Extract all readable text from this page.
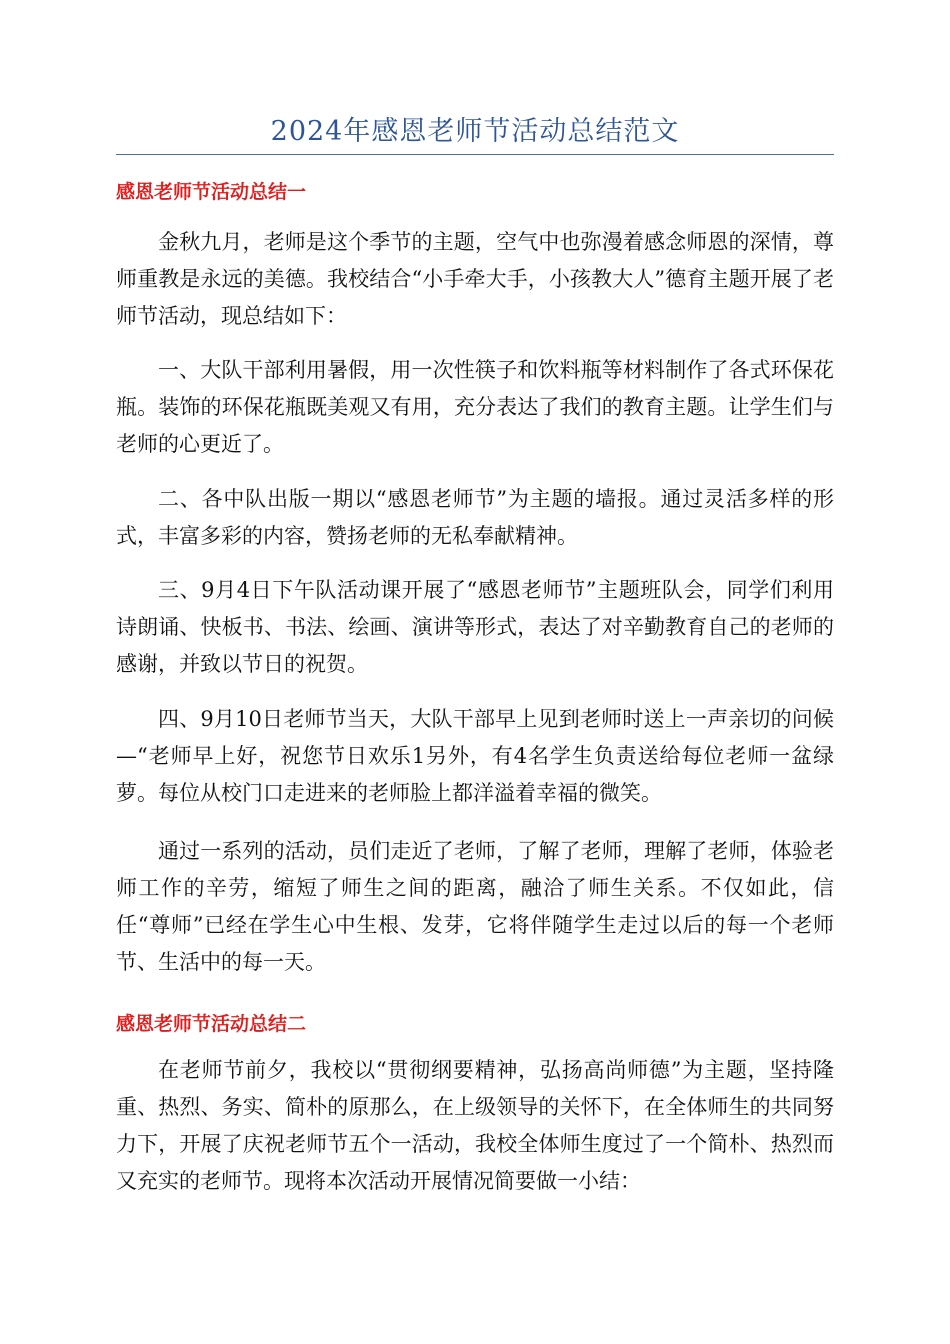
2024年感恩老师节活动总结范文
感恩老师节活动总结一

金秋九月，老师是这个季节的主题，空气中也弥漫着感念师恩的深情，尊师重教是永远的美德。我校结合“小手牵大手，小孩教大人”德育主题开展了老师节活动，现总结如下：

一、大队干部利用暑假，用一次性筷子和饮料瓶等材料制作了各式环保花瓶。装饰的环保花瓶既美观又有用，充分表达了我们的教育主题。让学生们与老师的心更近了。

二、各中队出版一期以“感恩老师节”为主题的墙报。通过灵活多样的形式，丰富多彩的内容，赞扬老师的无私奉献精神。

三、9月4日下午队活动课开展了“感恩老师节”主题班队会，同学们利用诗朗诵、快板书、书法、绘画、演讲等形式，表达了对辛勤教育自己的老师的感谢，并致以节日的祝贺。

四、9月10日老师节当天，大队干部早上见到老师时送上一声亲切的问候—“老师早上好，祝您节日欢乐1另外，有4名学生负责送给每位老师一盆绿萝。每位从校门口走进来的老师脸上都洋溢着幸福的微笑。

通过一系列的活动，员们走近了老师，了解了老师，理解了老师，体验老师工作的辛劳，缩短了师生之间的距离，融洽了师生关系。不仅如此，信任“尊师”已经在学生心中生根、发芽，它将伴随学生走过以后的每一个老师节、生活中的每一天。

感恩老师节活动总结二

在老师节前夕，我校以“贯彻纲要精神，弘扬高尚师德”为主题，坚持隆重、热烈、务实、简朴的原那么，在上级领导的关怀下，在全体师生的共同努力下，开展了庆祝老师节五个一活动，我校全体师生度过了一个简朴、热烈而又充实的老师节。现将本次活动开展情况简要做一小结：
